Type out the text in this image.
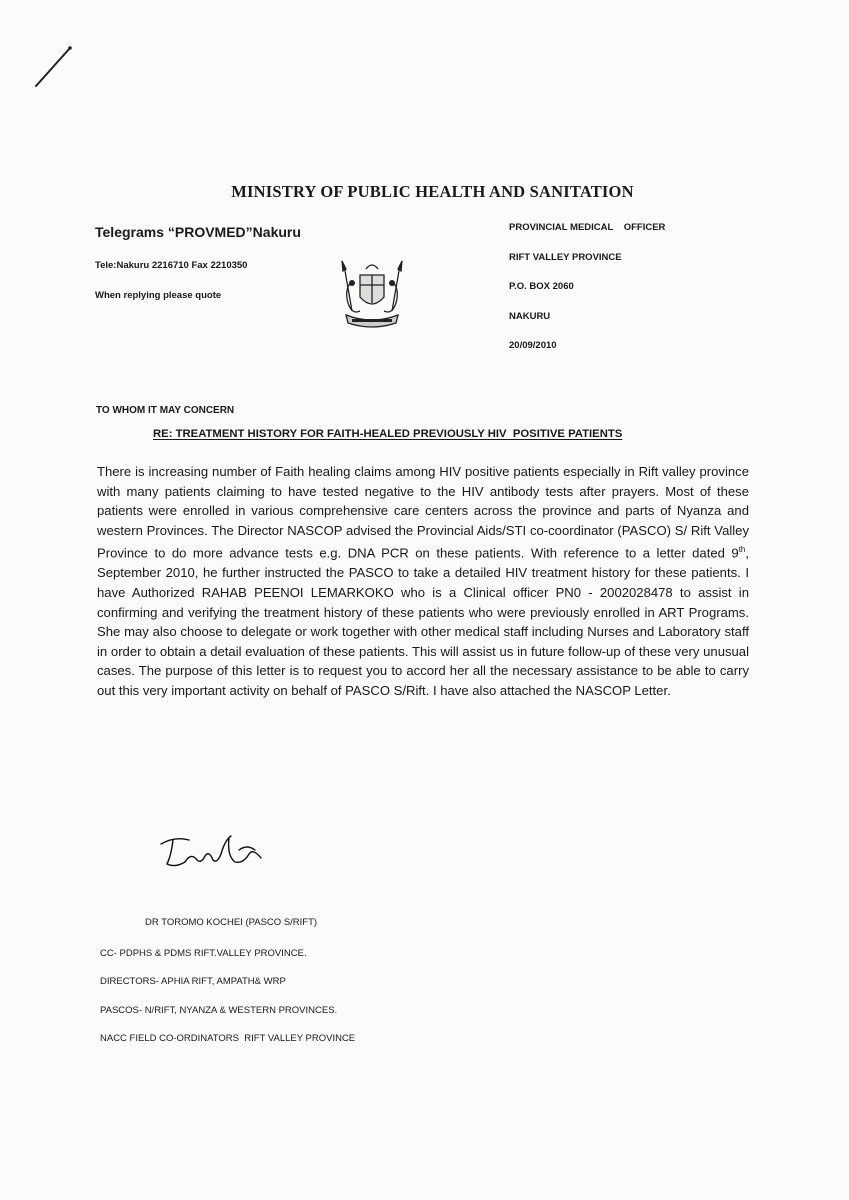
MINISTRY OF PUBLIC HEALTH AND SANITATION
Telegrams “PROVMED”Nakuru
Tele:Nakuru 2216710 Fax 2210350
When replying please quote
PROVINCIAL MEDICAL    OFFICER
RIFT VALLEY PROVINCE
P.O. BOX 2060
NAKURU
20/09/2010
TO WHOM IT MAY CONCERN
RE: TREATMENT HISTORY FOR FAITH-HEALED PREVIOUSLY HIV  POSITIVE PATIENTS
There is increasing number of Faith healing claims among HIV positive patients especially in Rift valley province with many patients claiming to have tested negative to the HIV antibody tests after prayers. Most of these patients were enrolled in various comprehensive care centers across the province and parts of Nyanza and western Provinces. The Director NASCOP advised the Provincial Aids/STI co-coordinator (PASCO) S/ Rift Valley Province to do more advance tests e.g. DNA PCR on these patients. With reference to a letter dated 9th, September 2010, he further instructed the PASCO to take a detailed HIV treatment history for these patients. I have Authorized RAHAB PEENOI LEMARKOKO who is a Clinical officer PN0 - 2002028478 to assist in confirming and verifying the treatment history of these patients who were previously enrolled in ART Programs. She may also choose to delegate or work together with other medical staff including Nurses and Laboratory staff in order to obtain a detail evaluation of these patients. This will assist us in future follow-up of these very unusual cases. The purpose of this letter is to request you to accord her all the necessary assistance to be able to carry out this very important activity on behalf of PASCO S/Rift. I have also attached the NASCOP Letter.
DR TOROMO KOCHEI (PASCO S/RIFT)
CC- PDPHS & PDMS RIFT.VALLEY PROVINCE.
DIRECTORS- APHIA RIFT, AMPATH& WRP
PASCOS- N/RIFT, NYANZA & WESTERN PROVINCES.
NACC FIELD CO-ORDINATORS  RIFT VALLEY PROVINCE
